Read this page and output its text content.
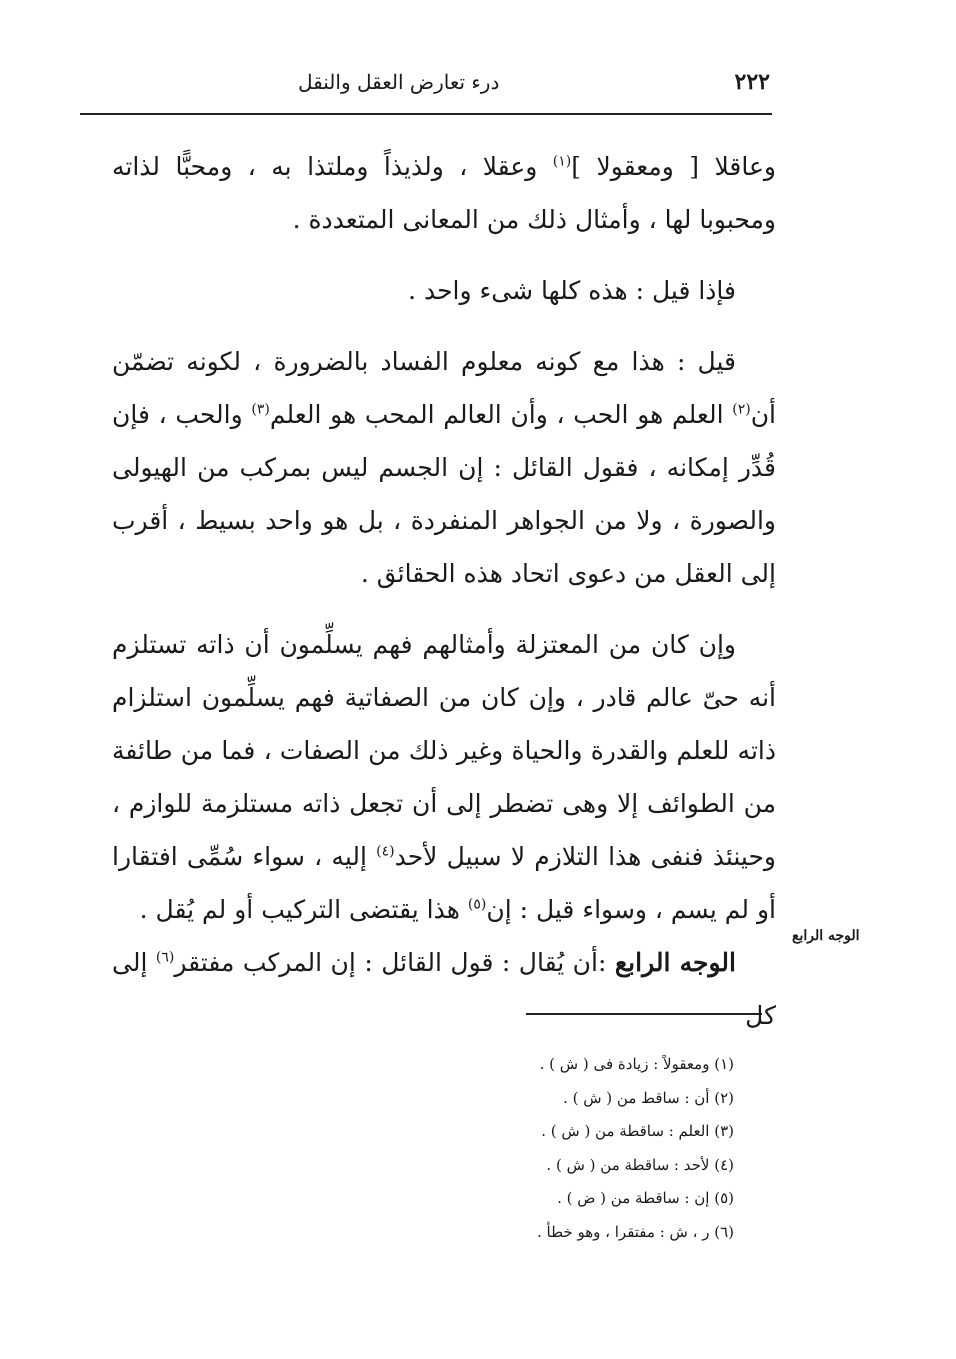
٢٢٢
درء تعارض العقل والنقل

وعاقلا [ ومعقولا ]$^{(١)}$ وعقلا ، ولذيذاً وملتذا به ، ومحبًّا لذاته ومحبوبا لها ، وأمثال ذلك من المعانى المتعددة .

فإذا قيل : هذه كلها شىء واحد .

قيل : هذا مع كونه معلوم الفساد بالضرورة ، لكونه تضمّن أن$^{(٢)}$ العلم هو الحب ، وأن العالم المحب هو العلم$^{(٣)}$ والحب ، فإن قُدِّر إمكانه ، فقول القائل : إن الجسم ليس بمركب من الهيولى والصورة ، ولا من الجواهر المنفردة ، بل هو واحد بسيط ، أقرب إلى العقل من دعوى اتحاد هذه الحقائق .

وإن كان من المعتزلة وأمثالهم فهم يسلِّمون أن ذاته تستلزم أنه حىّ عالم قادر ، وإن كان من الصفاتية فهم يسلِّمون استلزام ذاته للعلم والقدرة والحياة وغير ذلك من الصفات ، فما من طائفة من الطوائف إلا وهى تضطر إلى أن تجعل ذاته مستلزمة للوازم ، وحينئذ فنفى هذا التلازم لا سبيل لأحد$^{(٤)}$ إليه ، سواء سُمِّى افتقارا أو لم يسم ، وسواء قيل : إن$^{(٥)}$ هذا يقتضى التركيب أو لم يُقل .

الوجه الرابع :أن يُقال : قول القائل : إن المركب مفتقر$^{(٦)}$ إلى كل

الوجه الرابع
(١) ومعقولاً : زيادة فى ( ش ) .
(٢) أن : ساقط من ( ش ) .
(٣) العلم : ساقطة من ( ش ) .
(٤) لأحد : ساقطة من ( ش ) .
(٥) إن : ساقطة من ( ض ) .
(٦) ر ، ش : مفتقرا ، وهو خطأ .
